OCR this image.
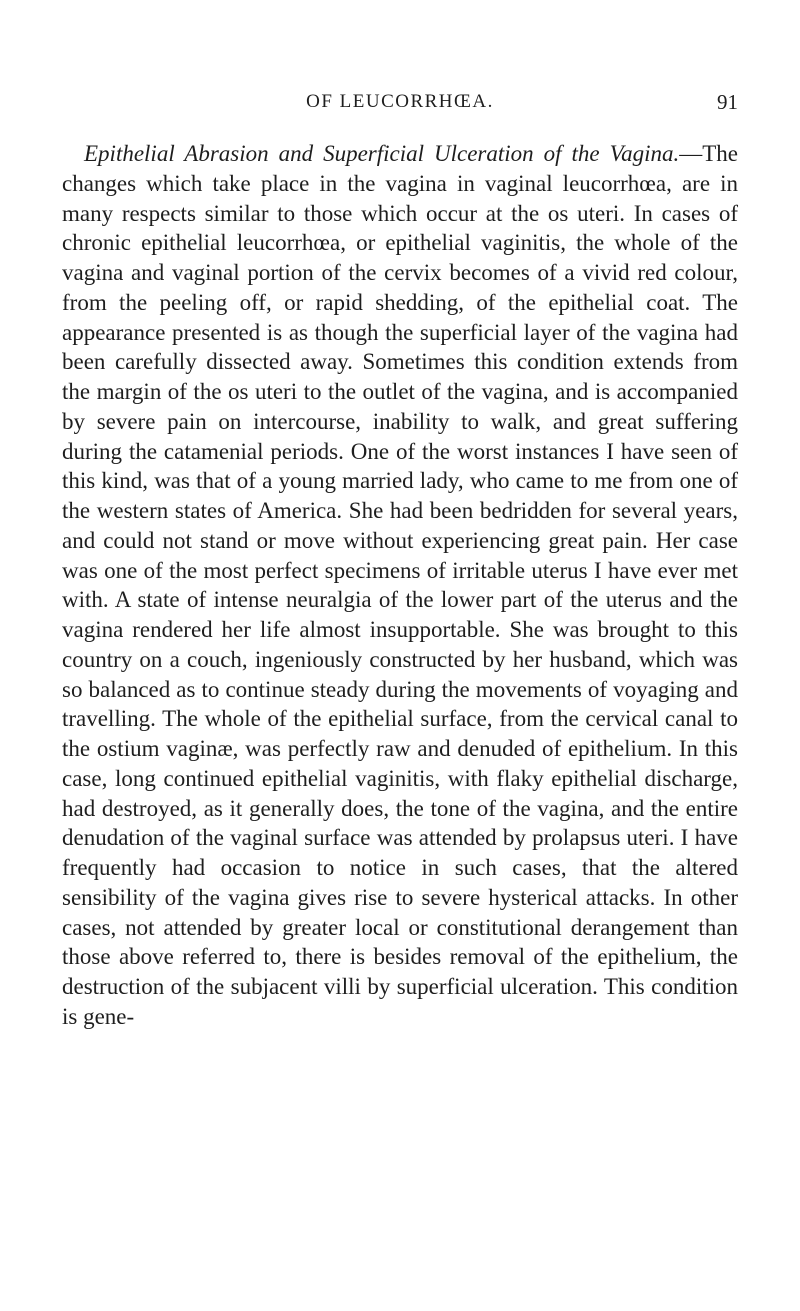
OF LEUCORRHŒA.	91

Epithelial Abrasion and Superficial Ulceration of the Vagina.—The changes which take place in the vagina in vaginal leucorrhœa, are in many respects similar to those which occur at the os uteri. In cases of chronic epithelial leucorrhœa, or epithelial vaginitis, the whole of the vagina and vaginal portion of the cervix becomes of a vivid red colour, from the peeling off, or rapid shedding, of the epithelial coat. The appearance presented is as though the superficial layer of the vagina had been carefully dissected away. Sometimes this condition extends from the margin of the os uteri to the outlet of the vagina, and is accompanied by severe pain on intercourse, inability to walk, and great suffering during the catamenial periods. One of the worst instances I have seen of this kind, was that of a young married lady, who came to me from one of the western states of America. She had been bedridden for several years, and could not stand or move without experiencing great pain. Her case was one of the most perfect specimens of irritable uterus I have ever met with. A state of intense neuralgia of the lower part of the uterus and the vagina rendered her life almost insupportable. She was brought to this country on a couch, ingeniously constructed by her husband, which was so balanced as to continue steady during the movements of voyaging and travelling. The whole of the epithelial surface, from the cervical canal to the ostium vaginæ, was perfectly raw and denuded of epithelium. In this case, long continued epithelial vaginitis, with flaky epithelial discharge, had destroyed, as it generally does, the tone of the vagina, and the entire denudation of the vaginal surface was attended by prolapsus uteri. I have frequently had occasion to notice in such cases, that the altered sensibility of the vagina gives rise to severe hysterical attacks. In other cases, not attended by greater local or constitutional derangement than those above referred to, there is besides removal of the epithelium, the destruction of the subjacent villi by superficial ulceration. This condition is gene-
